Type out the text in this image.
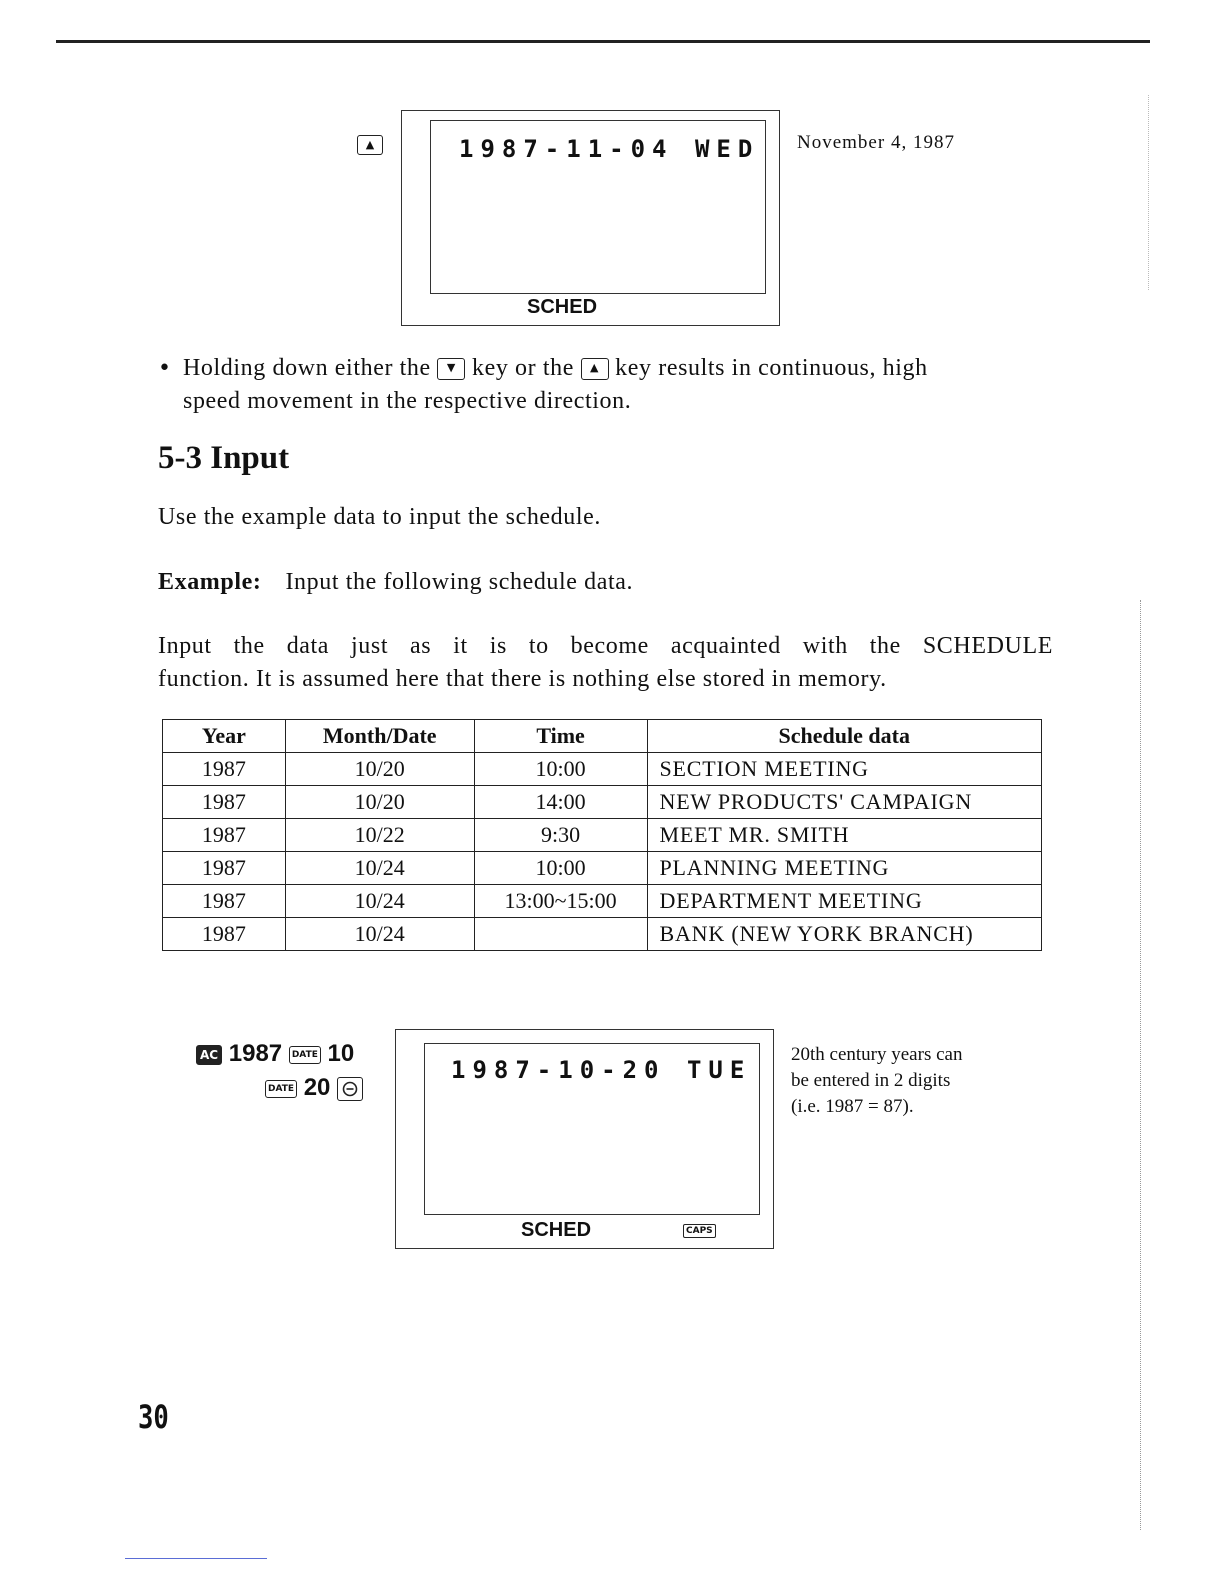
▲	1987-11-04 WED
SCHED
November 4, 1987
• Holding down either the ▼ key or the ▲ key results in continuous, high
speed movement in the respective direction.
5-3 Input
Use the example data to input the schedule.
Example: Input the following schedule data.
Input the data just as it is to become acquainted with the SCHEDULE
function. It is assumed here that there is nothing else stored in memory.
Year	Month/Date	Time	Schedule data
1987	10/20	10:00	SECTION MEETING
1987	10/20	14:00	NEW PRODUCTS' CAMPAIGN
1987	10/22	9:30	MEET MR. SMITH
1987	10/24	10:00	PLANNING MEETING
1987	10/24	13:00~15:00	DEPARTMENT MEETING
1987	10/24		BANK (NEW YORK BRANCH)
AC 1987 DATE 10
DATE 20
1987-10-20 TUE
SCHED	CAPS
20th century years can
be entered in 2 digits
(i.e. 1987 = 87).
30
